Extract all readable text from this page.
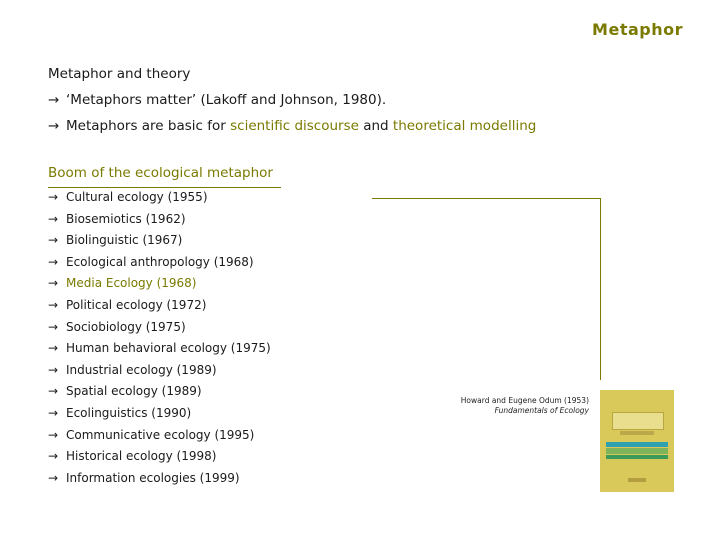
Metaphor
Metaphor and theory
→ ‘Metaphors matter’ (Lakoff and Johnson, 1980).
→ Metaphors are basic for scientific discourse and theoretical modelling
Boom of the ecological metaphor
→ Cultural ecology (1955)
→ Biosemiotics (1962)
→ Biolinguistic (1967)
→ Ecological anthropology (1968)
→ Media Ecology (1968)
→ Political ecology (1972)
→ Sociobiology (1975)
→ Human behavioral ecology (1975)
→ Industrial ecology (1989)
→ Spatial ecology (1989)
→ Ecolinguistics (1990)
→ Communicative ecology (1995)
→ Historical ecology (1998)
→ Information ecologies (1999)
Howard and Eugene Odum (1953)
Fundamentals of Ecology
